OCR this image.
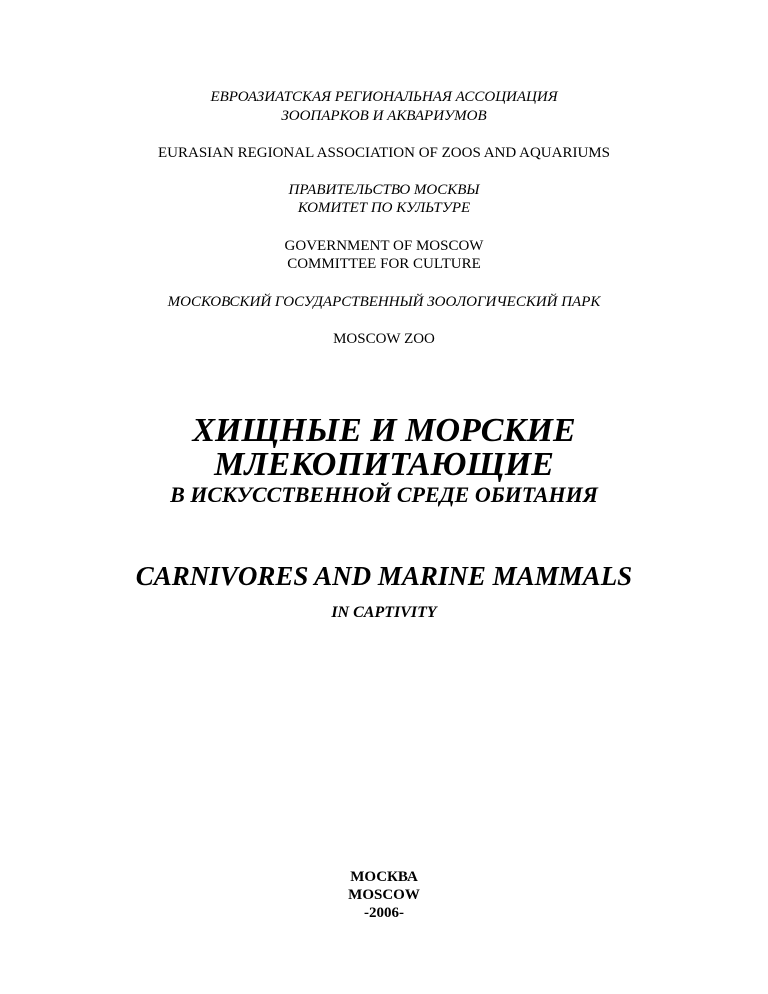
ЕВРОАЗИАТСКАЯ РЕГИОНАЛЬНАЯ АССОЦИАЦИЯ
ЗООПАРКОВ И АКВАРИУМОВ
EURASIAN REGIONAL ASSOCIATION OF ZOOS AND AQUARIUMS
ПРАВИТЕЛЬСТВО МОСКВЫ
КОМИТЕТ ПО КУЛЬТУРЕ
GOVERNMENT OF MOSCOW
COMMITTEE FOR CULTURE
МОСКОВСКИЙ ГОСУДАРСТВЕННЫЙ ЗООЛОГИЧЕСКИЙ ПАРК
MOSCOW ZOO
ХИЩНЫЕ И МОРСКИЕ
МЛЕКОПИТАЮЩИЕ
В ИСКУССТВЕННОЙ СРЕДЕ ОБИТАНИЯ
CARNIVORES AND MARINE MAMMALS
IN CAPTIVITY
МОСКВА
MOSCOW
-2006-
